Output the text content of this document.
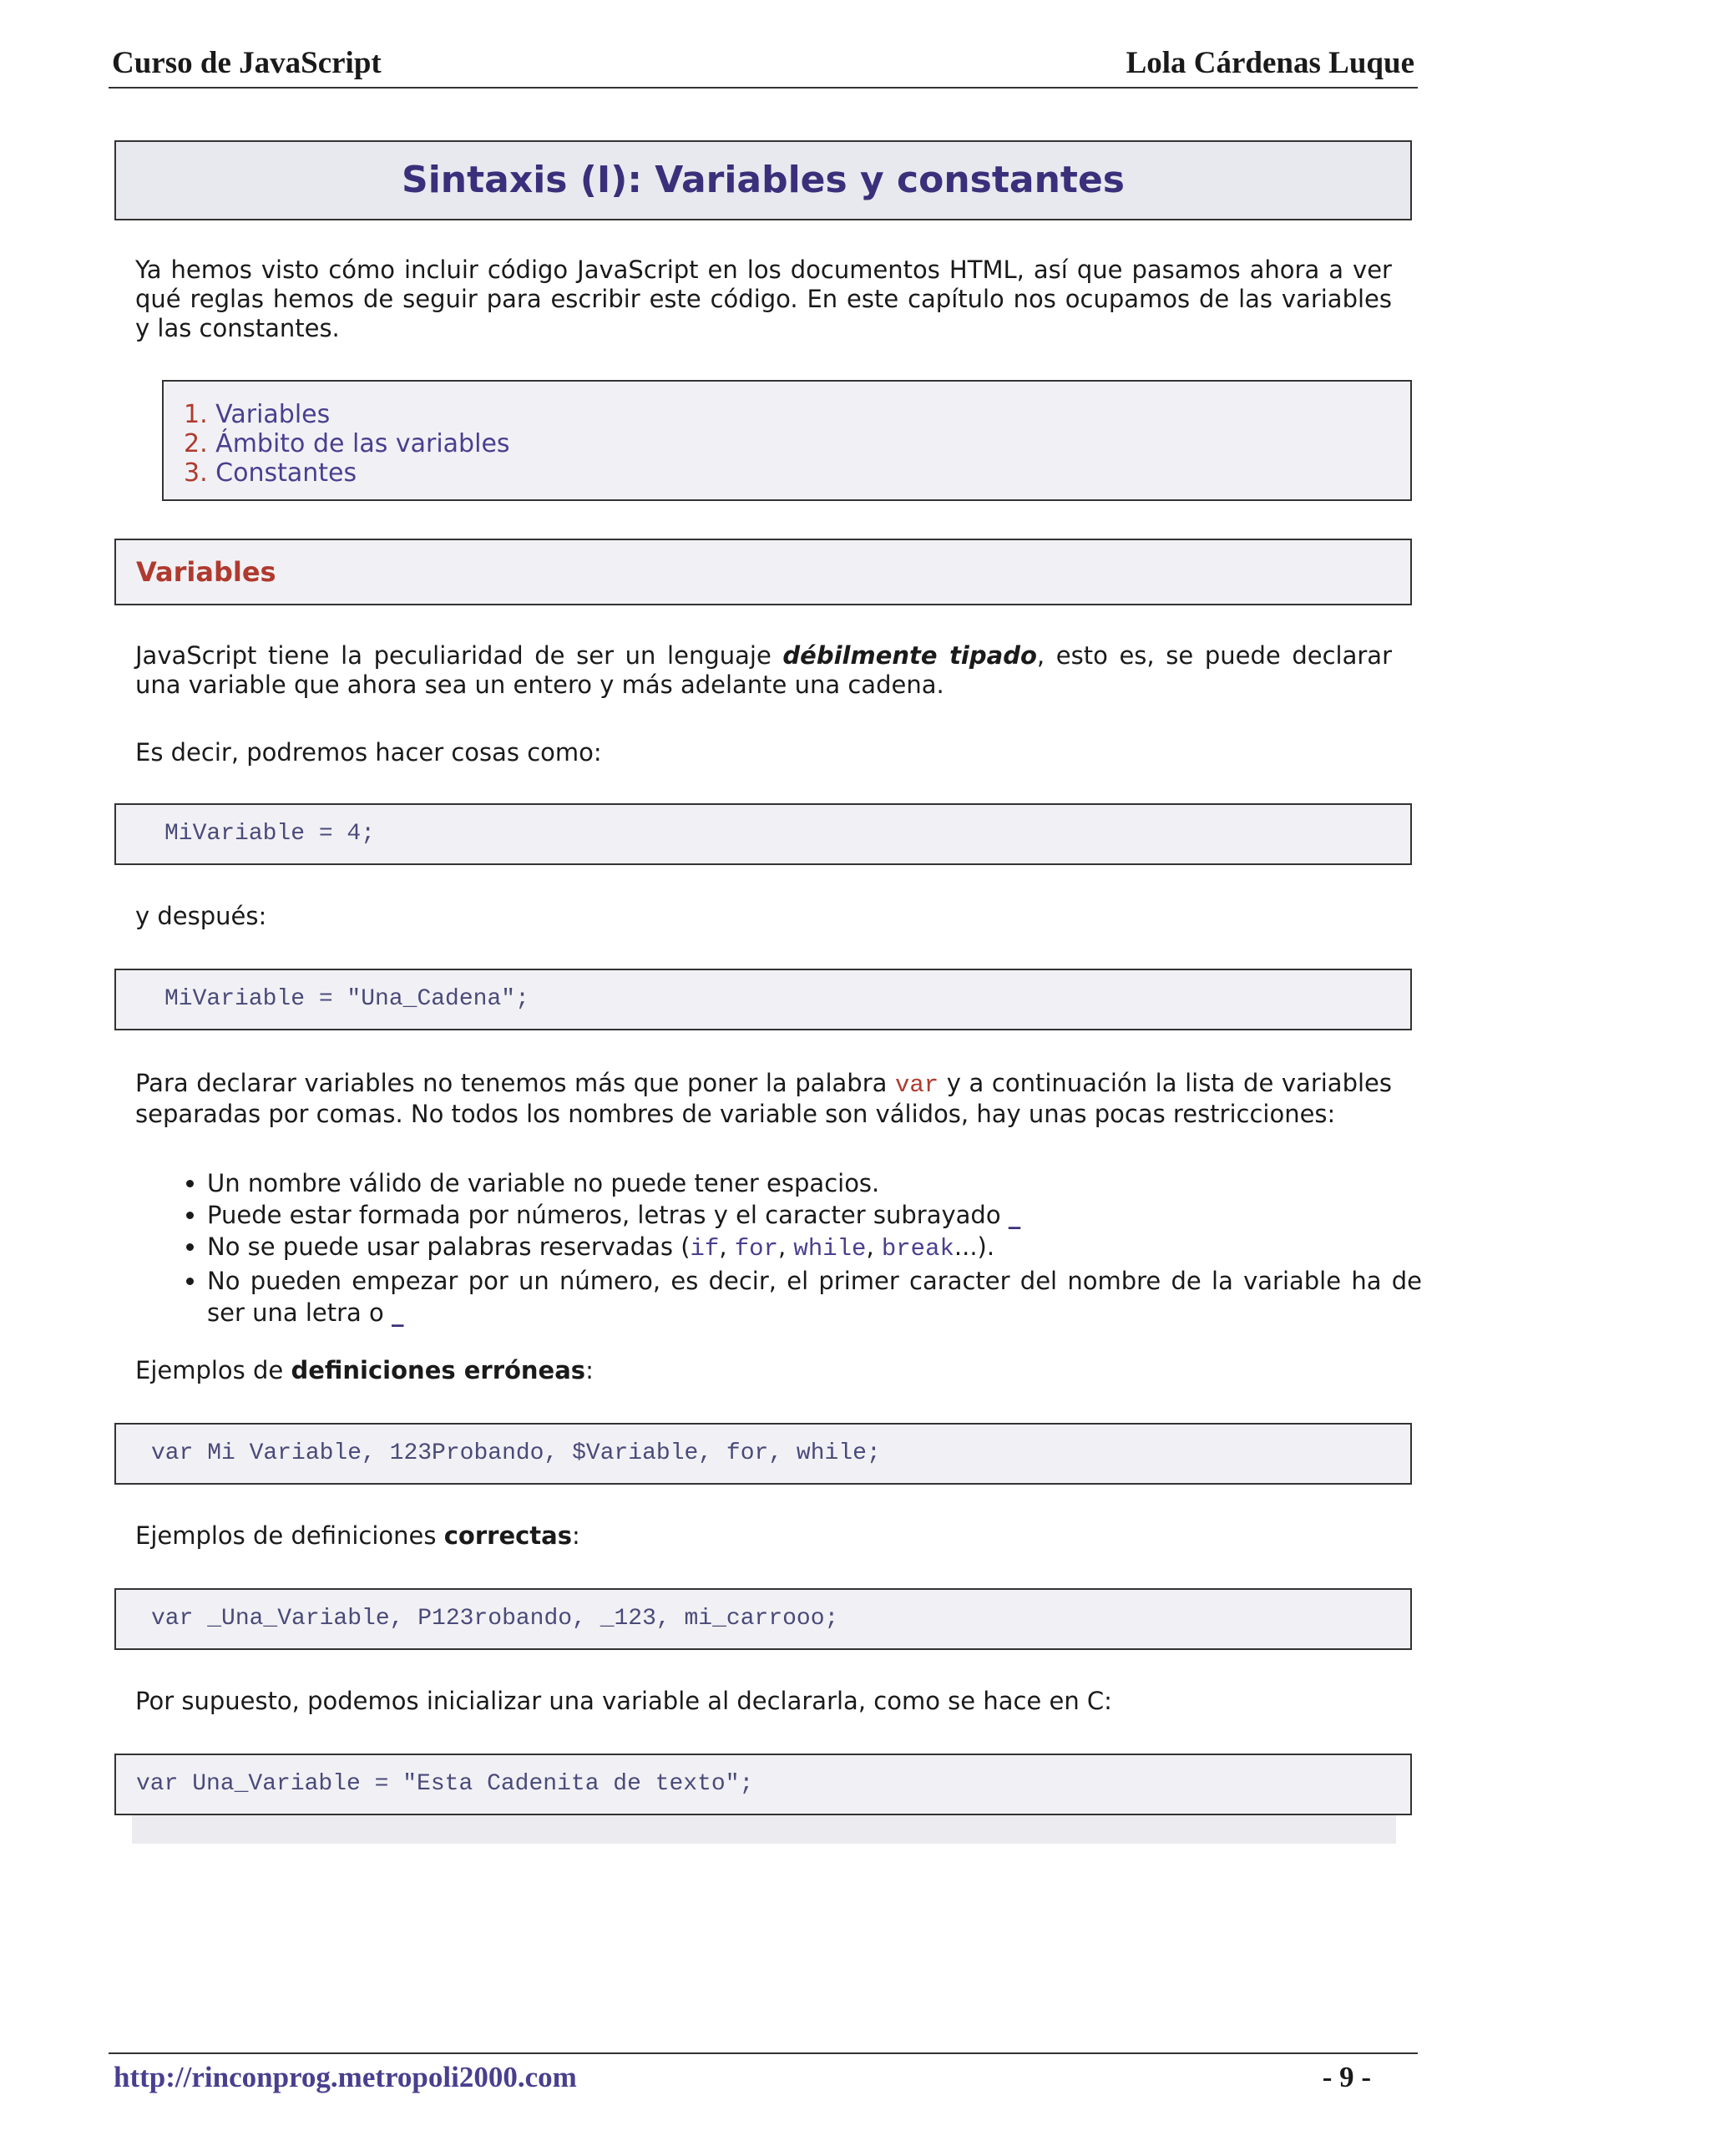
Curso de JavaScript	Lola Cárdenas Luque
Sintaxis (I): Variables y constantes
Ya hemos visto cómo incluir código JavaScript en los documentos HTML, así que pasamos ahora a ver qué reglas hemos de seguir para escribir este código. En este capítulo nos ocupamos de las variables y las constantes.
1. Variables
2. Ámbito de las variables
3. Constantes
Variables
JavaScript tiene la peculiaridad de ser un lenguaje débilmente tipado, esto es, se puede declarar una variable que ahora sea un entero y más adelante una cadena.
Es decir, podremos hacer cosas como:
MiVariable = 4;
y después:
MiVariable = "Una_Cadena";
Para declarar variables no tenemos más que poner la palabra var y a continuación la lista de variables separadas por comas. No todos los nombres de variable son válidos, hay unas pocas restricciones:
• Un nombre válido de variable no puede tener espacios.
• Puede estar formada por números, letras y el caracter subrayado _
• No se puede usar palabras reservadas (if, for, while, break...).
• No pueden empezar por un número, es decir, el primer caracter del nombre de la variable ha de ser una letra o _
Ejemplos de definiciones erróneas:
var Mi Variable, 123Probando, $Variable, for, while;
Ejemplos de definiciones correctas:
var _Una_Variable, P123robando, _123, mi_carrooo;
Por supuesto, podemos inicializar una variable al declararla, como se hace en C:
var Una_Variable = "Esta Cadenita de texto";
http://rinconprog.metropoli2000.com	- 9 -
